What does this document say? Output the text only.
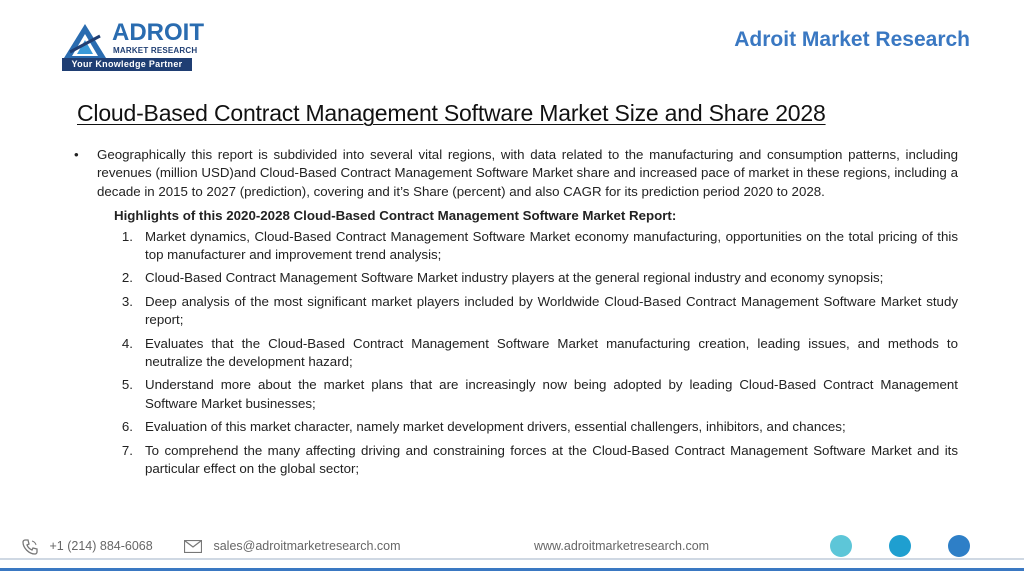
ADROIT
MARKET RESEARCH
Your Knowledge Partner
Adroit Market Research
Cloud-Based Contract Management Software Market Size and Share 2028
•	Geographically this report is subdivided into several vital regions, with data related to the manufacturing and consumption patterns, including revenues (million USD)and Cloud-Based Contract Management Software Market share and increased pace of market in these regions, including a decade in 2015 to 2027 (prediction), covering and it’s Share (percent) and also CAGR for its prediction period 2020 to 2028.
Highlights of this 2020-2028 Cloud-Based Contract Management Software Market Report:
1. Market dynamics, Cloud-Based Contract Management Software Market economy manufacturing, opportunities on the total pricing of this top manufacturer and improvement trend analysis;
2. Cloud-Based Contract Management Software Market industry players at the general regional industry and economy synopsis;
3. Deep analysis of the most significant market players included by Worldwide Cloud-Based Contract Management Software Market study report;
4. Evaluates that the Cloud-Based Contract Management Software Market manufacturing creation, leading issues, and methods to neutralize the development hazard;
5. Understand more about the market plans that are increasingly now being adopted by leading Cloud-Based Contract Management Software Market businesses;
6. Evaluation of this market character, namely market development drivers, essential challengers, inhibitors, and chances;
7. To comprehend the many affecting driving and constraining forces at the Cloud-Based Contract Management Software Market and its particular effect on the global sector;
+1 (214) 884-6068	sales@adroitmarketresearch.com	www.adroitmarketresearch.com
